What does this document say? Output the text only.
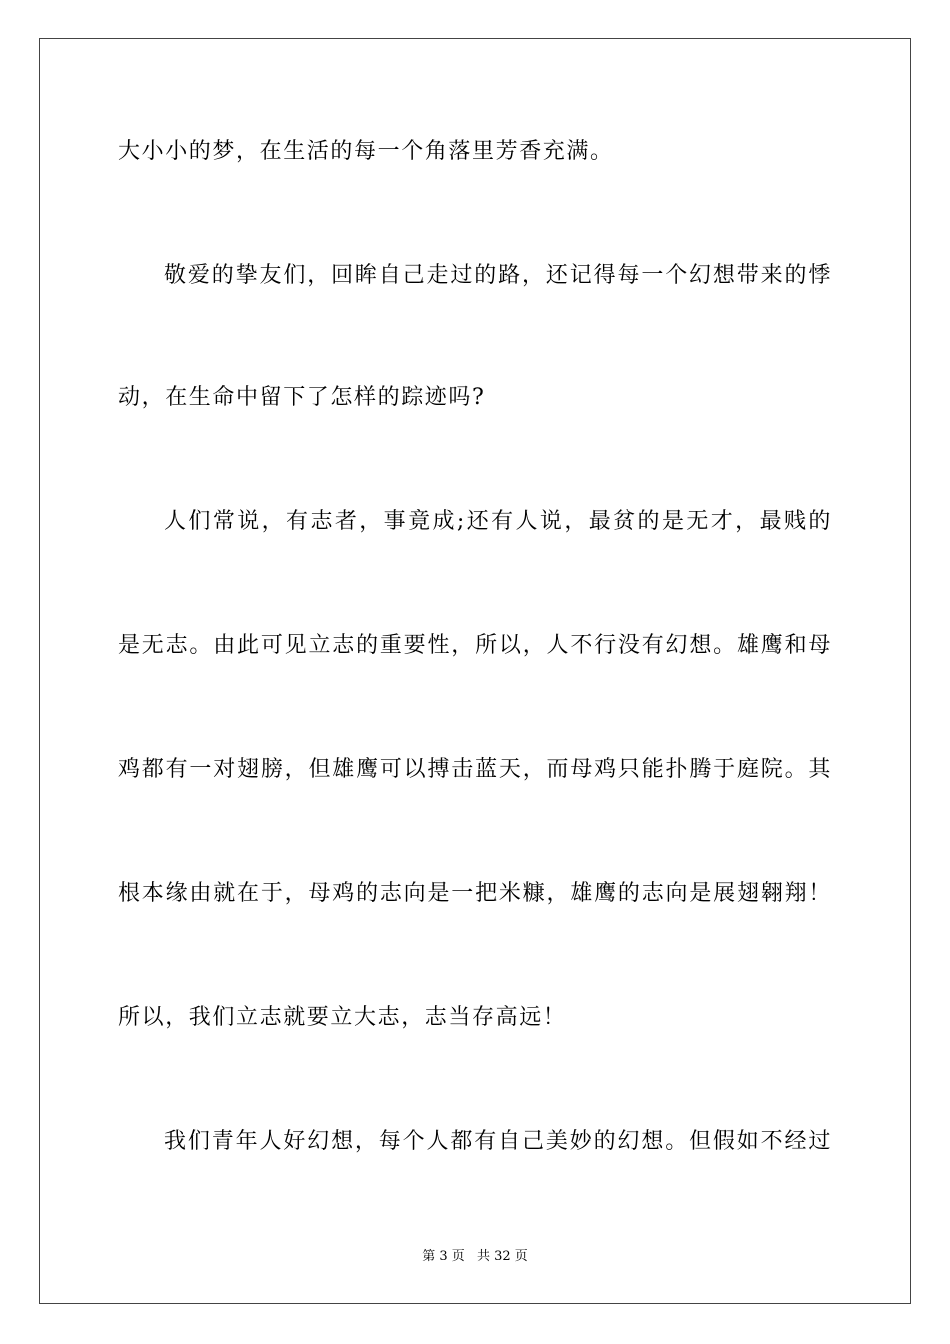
大小小的梦，在生活的每一个角落里芳香充满。
敬爱的挚友们，回眸自己走过的路，还记得每一个幻想带来的悸
动，在生命中留下了怎样的踪迹吗?
人们常说，有志者，事竟成;还有人说，最贫的是无才，最贱的
是无志。由此可见立志的重要性，所以，人不行没有幻想。雄鹰和母
鸡都有一对翅膀，但雄鹰可以搏击蓝天，而母鸡只能扑腾于庭院。其
根本缘由就在于，母鸡的志向是一把米糠，雄鹰的志向是展翅翱翔！
所以，我们立志就要立大志，志当存高远！
我们青年人好幻想，每个人都有自己美妙的幻想。但假如不经过
第 3 页 共 32 页
